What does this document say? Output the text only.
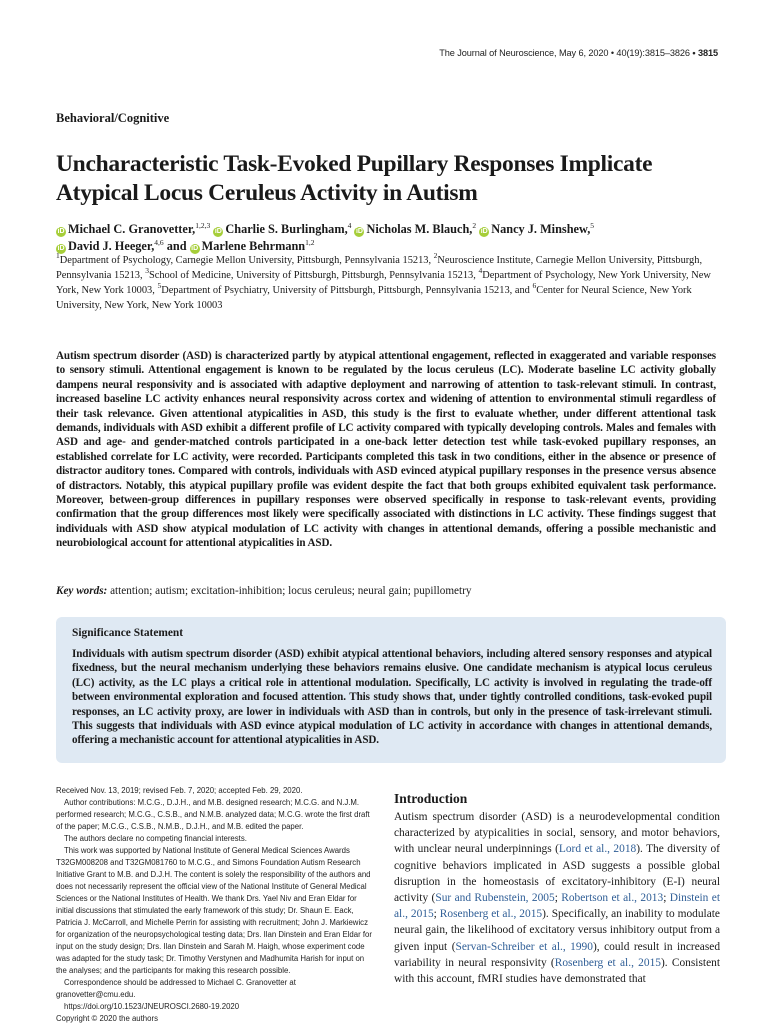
The Journal of Neuroscience, May 6, 2020 • 40(19):3815–3826 • 3815
Behavioral/Cognitive
Uncharacteristic Task-Evoked Pupillary Responses Implicate Atypical Locus Ceruleus Activity in Autism
iD Michael C. Granovetter,$^{1,2,3}$ iD Charlie S. Burlingham,$^4$ iD Nicholas M. Blauch,$^2$ iD Nancy J. Minshew,$^5$
iD David J. Heeger,$^{4,6}$ and iD Marlene Behrmann$^{1,2}$
$^1$Department of Psychology, Carnegie Mellon University, Pittsburgh, Pennsylvania 15213, $^2$Neuroscience Institute, Carnegie Mellon University, Pittsburgh, Pennsylvania 15213, $^3$School of Medicine, University of Pittsburgh, Pittsburgh, Pennsylvania 15213, $^4$Department of Psychology, New York University, New York, New York 10003, $^5$Department of Psychiatry, University of Pittsburgh, Pittsburgh, Pennsylvania 15213, and $^6$Center for Neural Science, New York University, New York, New York 10003
Autism spectrum disorder (ASD) is characterized partly by atypical attentional engagement, reflected in exaggerated and variable responses to sensory stimuli. Attentional engagement is known to be regulated by the locus ceruleus (LC). Moderate baseline LC activity globally dampens neural responsivity and is associated with adaptive deployment and narrowing of attention to task-relevant stimuli. In contrast, increased baseline LC activity enhances neural responsivity across cortex and widening of attention to environmental stimuli regardless of their task relevance. Given attentional atypicalities in ASD, this study is the first to evaluate whether, under different attentional task demands, individuals with ASD exhibit a different profile of LC activity compared with typically developing controls. Males and females with ASD and age- and gender-matched controls participated in a one-back letter detection test while task-evoked pupillary responses, an established correlate for LC activity, were recorded. Participants completed this task in two conditions, either in the absence or presence of distractor auditory tones. Compared with controls, individuals with ASD evinced atypical pupillary responses in the presence versus absence of distractors. Notably, this atypical pupillary profile was evident despite the fact that both groups exhibited equivalent task performance. Moreover, between-group differences in pupillary responses were observed specifically in response to task-relevant events, providing confirmation that the group differences most likely were specifically associated with distinctions in LC activity. These findings suggest that individuals with ASD show atypical modulation of LC activity with changes in attentional demands, offering a possible mechanistic and neurobiological account for attentional atypicalities in ASD.
Key words: attention; autism; excitation-inhibition; locus ceruleus; neural gain; pupillometry
Significance Statement
Individuals with autism spectrum disorder (ASD) exhibit atypical attentional behaviors, including altered sensory responses and atypical fixedness, but the neural mechanism underlying these behaviors remains elusive. One candidate mechanism is atypical locus ceruleus (LC) activity, as the LC plays a critical role in attentional modulation. Specifically, LC activity is involved in regulating the trade-off between environmental exploration and focused attention. This study shows that, under tightly controlled conditions, task-evoked pupil responses, an LC activity proxy, are lower in individuals with ASD than in controls, but only in the presence of task-irrelevant stimuli. This suggests that individuals with ASD evince atypical modulation of LC activity in accordance with changes in attentional demands, offering a mechanistic account for attentional atypicalities in ASD.

Received Nov. 13, 2019; revised Feb. 7, 2020; accepted Feb. 29, 2020.

Author contributions: M.C.G., D.J.H., and M.B. designed research; M.C.G. and N.J.M. performed research; M.C.G., C.S.B., and N.M.B. analyzed data; M.C.G. wrote the first draft of the paper; M.C.G., C.S.B., N.M.B., D.J.H., and M.B. edited the paper.

The authors declare no competing financial interests.

This work was supported by National Institute of General Medical Sciences Awards T32GM008208 and T32GM081760 to M.C.G., and Simons Foundation Autism Research Initiative Grant to M.B. and D.J.H. The content is solely the responsibility of the authors and does not necessarily represent the official view of the National Institute of General Medical Sciences or the National Institutes of Health. We thank Drs. Yael Niv and Eran Eldar for initial discussions that stimulated the early framework of this study; Dr. Shaun E. Eack, Patricia J. McCarroll, and Michelle Perrin for assisting with recruitment; John J. Markiewicz for organization of the neuropsychological testing data; Drs. Ilan Dinstein and Eran Eldar for input on the study design; Drs. Ilan Dinstein and Sarah M. Haigh, whose experiment code was adapted for the study task; Dr. Timothy Verstynen and Madhumita Harish for input on the analyses; and the participants for making this research possible.

Correspondence should be addressed to Michael C. Granovetter at granovetter@cmu.edu.

https://doi.org/10.1523/JNEUROSCI.2680-19.2020

Copyright © 2020 the authors

Introduction
Autism spectrum disorder (ASD) is a neurodevelopmental condition characterized by atypicalities in social, sensory, and motor behaviors, with unclear neural underpinnings (Lord et al., 2018). The diversity of cognitive behaviors implicated in ASD suggests a possible global disruption in the homeostasis of excitatory-inhibitory (E-I) neural activity (Sur and Rubenstein, 2005; Robertson et al., 2013; Dinstein et al., 2015; Rosenberg et al., 2015). Specifically, an inability to modulate neural gain, the likelihood of excitatory versus inhibitory output from a given input (Servan-Schreiber et al., 1990), could result in increased variability in neural responsivity (Rosenberg et al., 2015). Consistent with this account, fMRI studies have demonstrated that
